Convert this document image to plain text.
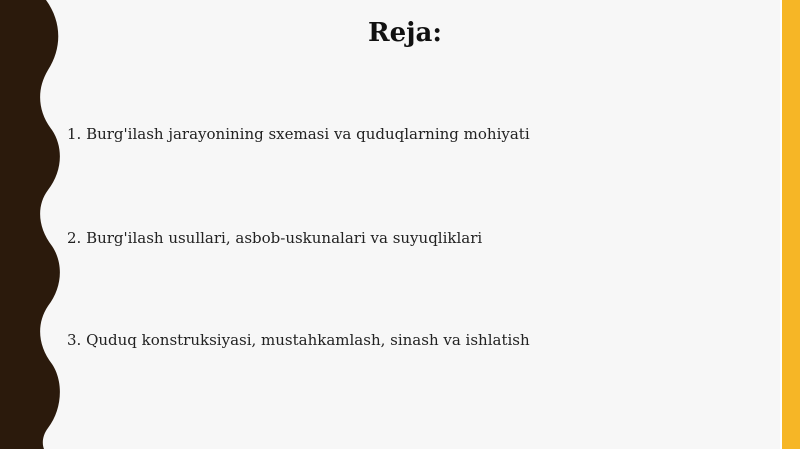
Reja:
1. Burg'ilash jarayonining sxemasi va quduqlarning mohiyati
2. Burg'ilash usullari, asbob-uskunalari va suyuqliklari
3. Quduq konstruksiyasi, mustahkamlash, sinash va ishlatish
